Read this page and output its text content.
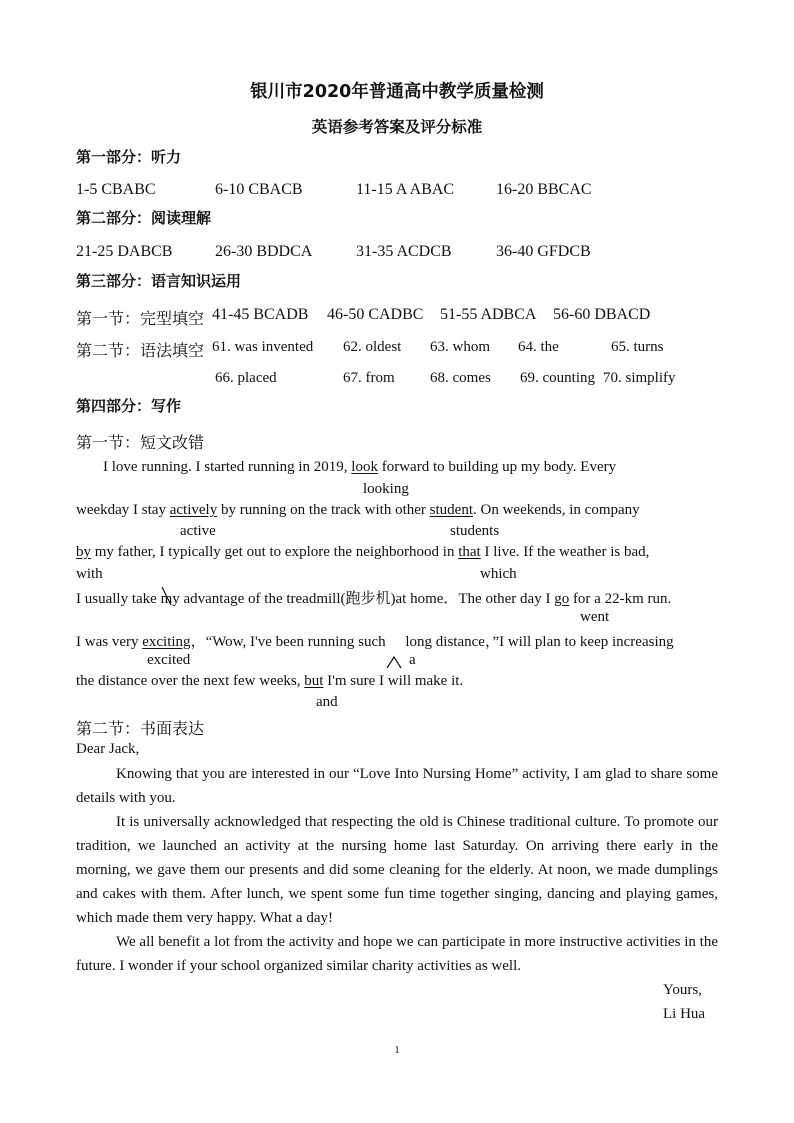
银川市2020年普通高中教学质量检测
英语参考答案及评分标准
第一部分：听力
1-5 CBABC	6-10 CBACB	11-15 A ABAC	16-20 BBCAC
第二部分：阅读理解
21-25 DABCB	26-30 BDDCA	31-35 ACDCB	36-40 GFDCB
第三部分：语言知识运用
第一节：完型填空 41-45 BCADB 46-50 CADBC 51-55 ADBCA 56-60 DBACD
第二节：语法填空 61. was invented 62. oldest 63. whom 64. the	65. turns
66. placed	67. from 68. comes 69. counting 70. simplify
第四部分：写作
第一节：短文改错
I love running. I started running in 2019, look forward to building up my body. Every
looking
weekday I stay actively by running on the track with other student. On weekends, in company
active	students
by my father, I typically get out to explore the neighborhood in that I live. If the weather is bad,
with	which
I usually take my
advantage of the treadmill(跑步机)at home．The other day I go for a 22-km run.
went
I was very exciting，“Wow, I've been running such
long distance，”I will plan to keep increasing
excited	a
the distance over the next few weeks, but I'm sure I will make it.
and
第二节：书面表达
Dear Jack,
Knowing that you are interested in our “Love Into Nursing Home” activity, I am glad to share some details with you.
It is universally acknowledged that respecting the old is Chinese traditional culture. To promote our tradition, we launched an activity at the nursing home last Saturday. On arriving there early in the morning, we gave them our presents and did some cleaning for the elderly. At noon, we made dumplings and cakes with them. After lunch, we spent some fun time together singing, dancing and playing games, which made them very happy. What a day!
We all benefit a lot from the activity and hope we can participate in more instructive activities in the future. I wonder if your school organized similar charity activities as well.
Yours,
Li Hua
1
